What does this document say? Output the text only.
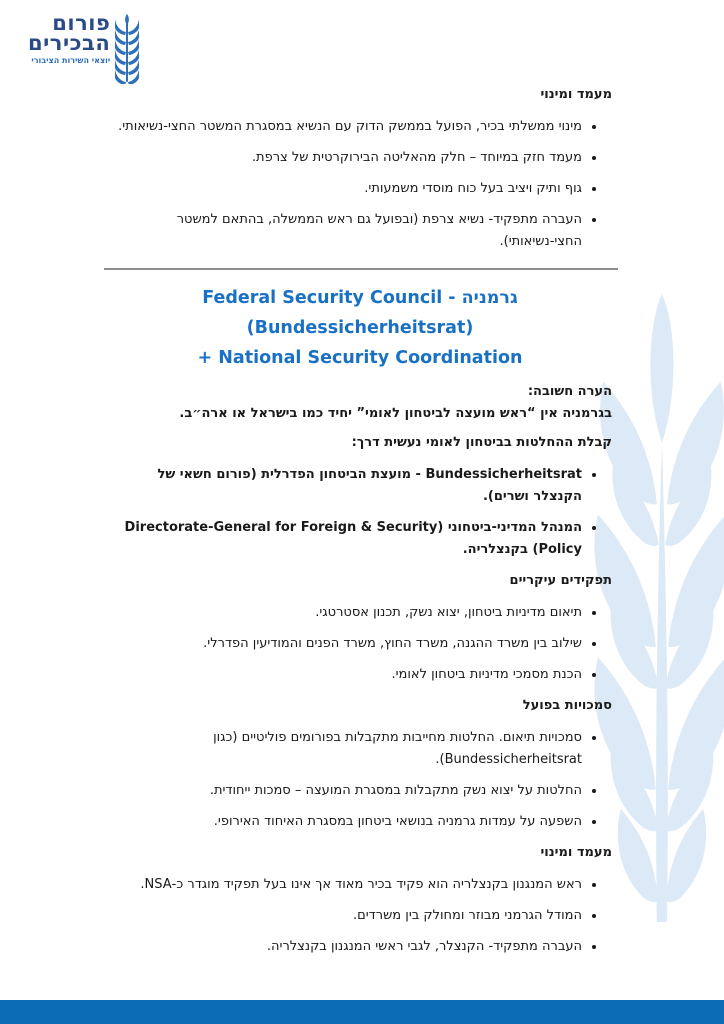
פורום
הבכירים
יוצאי השירות הציבורי
מעמד ומינוי
• מינוי ממשלתי בכיר, הפועל בממשק הדוק עם הנשיא במסגרת המשטר החצי-נשיאותי.
• מעמד חזק במיוחד – חלק מהאליטה הבירוקרטית של צרפת.
• גוף ותיק ויציב בעל כוח מוסדי משמעותי.
• העברה מתפקיד- נשיא צרפת (ובפועל גם ראש הממשלה, בהתאם למשטר החצי-נשיאותי).
גרמניה - Federal Security Council (Bundessicherheitsrat)
+ National Security Coordination

הערה חשובה:

בגרמניה אין “ראש מועצה לביטחון לאומי” יחיד כמו בישראל או ארה״ב.

קבלת ההחלטות בביטחון לאומי נעשית דרך:

• Bundessicherheitsrat - מועצת הביטחון הפדרלית (פורום חשאי של הקנצלר ושרים).
• המנהל המדיני-ביטחוני (Directorate-General for Foreign & Security Policy) בקנצלריה.
תפקידים עיקריים
• תיאום מדיניות ביטחון, יצוא נשק, תכנון אסטרטגי.
• שילוב בין משרד ההגנה, משרד החוץ, משרד הפנים והמודיעין הפדרלי.
• הכנת מסמכי מדיניות ביטחון לאומי.
סמכויות בפועל
• סמכויות תיאום. החלטות מחייבות מתקבלות בפורומים פוליטיים (כגון Bundessicherheitsrat).
• החלטות על יצוא נשק מתקבלות במסגרת המועצה – סמכות ייחודית.
• השפעה על עמדות גרמניה בנושאי ביטחון במסגרת האיחוד האירופי.
מעמד ומינוי
• ראש המנגנון בקנצלריה הוא פקיד בכיר מאוד אך אינו בעל תפקיד מוגדר כ-NSA.
• המודל הגרמני מבוזר ומחולק בין משרדים.
• העברה מתפקיד- הקנצלר, לגבי ראשי המנגנון בקנצלריה.
